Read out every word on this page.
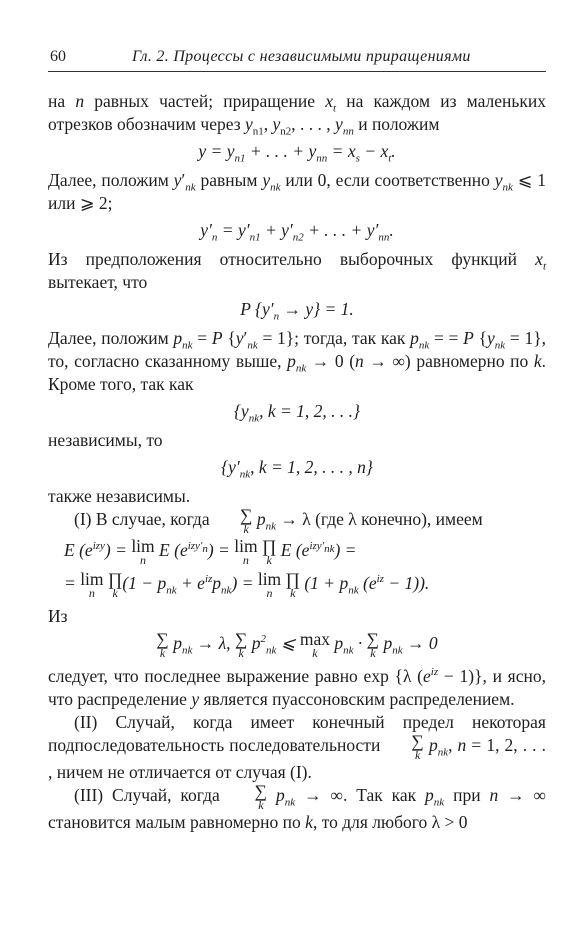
60	Гл. 2. Процессы с независимыми приращениями

на n равных частей; приращение $x_t$ на каждом из маленьких отрезков обозначим через $y_{n1}$, $y_{n2}$, . . . , $y_{nn}$ и положим

$y = y_{n1}$ + . . . + $y_{nn} = x_s - x_t$.

Далее, положим $y'_{nk}$ равным $y_{nk}$ или 0, если соответственно $y_{nk}$ ⩽ 1 или ⩾ 2;

$y'_n = y'_{n1} + y'_{n2}$ + . . . + $y'_{nn}$.

Из предположения относительно выборочных функций $x_t$ вытекает, что

P $\{y'_n \to y\} = 1$.

Далее, положим $p_{nk} = P$ $\{y'_{nk} = 1\}$; тогда, так как $p_{nk}$ = = P $\{y_{nk} = 1\}$, то, согласно сказанному выше, $p_{nk} \to 0$ (n → ∞) равномерно по k. Кроме того, так как

{$y_{nk}$, k = 1, 2, . . .}

независимы, то

{$y'_{nk}$, k = 1, 2, . . . , n}

также независимы.

(I) В случае, когда ∑
k $p_{nk} \to \lambda$ (где λ конечно), имеем

E $(e^{izy}) = \lim$
n E $(e^{izy'_n}) = \lim$
n
∏
k E $(e^{izy'_{nk}})$ =
= lim
n
∏
k $(1 - p_{nk} + e^{iz}p_{nk}) = \lim$
n
∏
k ($1 + p_{nk}$ $(e^{iz} - 1)$).

Из

∑
k $p_{nk} \to \lambda$, ∑
k $p^2_{nk}$ ⩽ max
k $p_{nk}$ · ∑
k $p_{nk} \to 0$

следует, что последнее выражение равно exp {λ $(e^{iz} - 1)$}, и ясно, что распределение y является пуассоновским распределением.

(II) Случай, когда имеет конечный предел некоторая подпоследовательность последовательности ∑
k $p_{nk}$, n = 1, 2, . . . , ничем не отличается от случая (I).

(III) Случай, когда ∑
k $p_{nk}$ → ∞. Так как $p_{nk}$ при n → ∞ становится малым равномерно по k, то для любого λ > 0
